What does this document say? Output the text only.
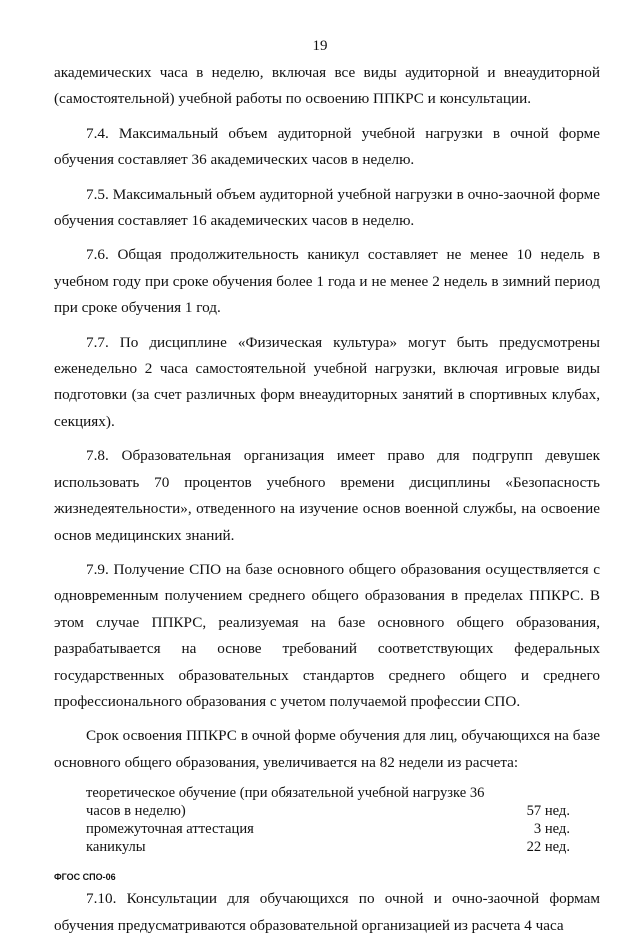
19

академических часа в неделю, включая все виды аудиторной и внеаудиторной (самостоятельной) учебной работы по освоению ППКРС и консультации.

7.4. Максимальный объем аудиторной учебной нагрузки в очной форме обучения составляет 36 академических часов в неделю.

7.5. Максимальный объем аудиторной учебной нагрузки в очно-заочной форме обучения составляет 16 академических часов в неделю.

7.6. Общая продолжительность каникул составляет не менее 10 недель в учебном году при сроке обучения более 1 года и не менее 2 недель в зимний период при сроке обучения 1 год.

7.7. По дисциплине «Физическая культура» могут быть предусмотрены еженедельно 2 часа самостоятельной учебной нагрузки, включая игровые виды подготовки (за счет различных форм внеаудиторных занятий в спортивных клубах, секциях).

7.8. Образовательная организация имеет право для подгрупп девушек использовать 70 процентов учебного времени дисциплины «Безопасность жизнедеятельности», отведенного на изучение основ военной службы, на освоение основ медицинских знаний.

7.9. Получение СПО на базе основного общего образования осуществляется с одновременным получением среднего общего образования в пределах ППКРС. В этом случае ППКРС, реализуемая на базе основного общего образования, разрабатывается на основе требований соответствующих федеральных государственных образовательных стандартов среднего общего и среднего профессионального образования с учетом получаемой профессии СПО.

Срок освоения ППКРС в очной форме обучения для лиц, обучающихся на базе основного общего образования, увеличивается на 82 недели из расчета:

теоретическое обучение (при обязательной учебной нагрузке 36
часов в неделю)	57 нед.
промежуточная аттестация	3 нед.
каникулы	22 нед.

7.10. Консультации для обучающихся по очной и очно-заочной формам обучения предусматриваются образовательной организацией из расчета 4 часа

ФГОС СПО-06
